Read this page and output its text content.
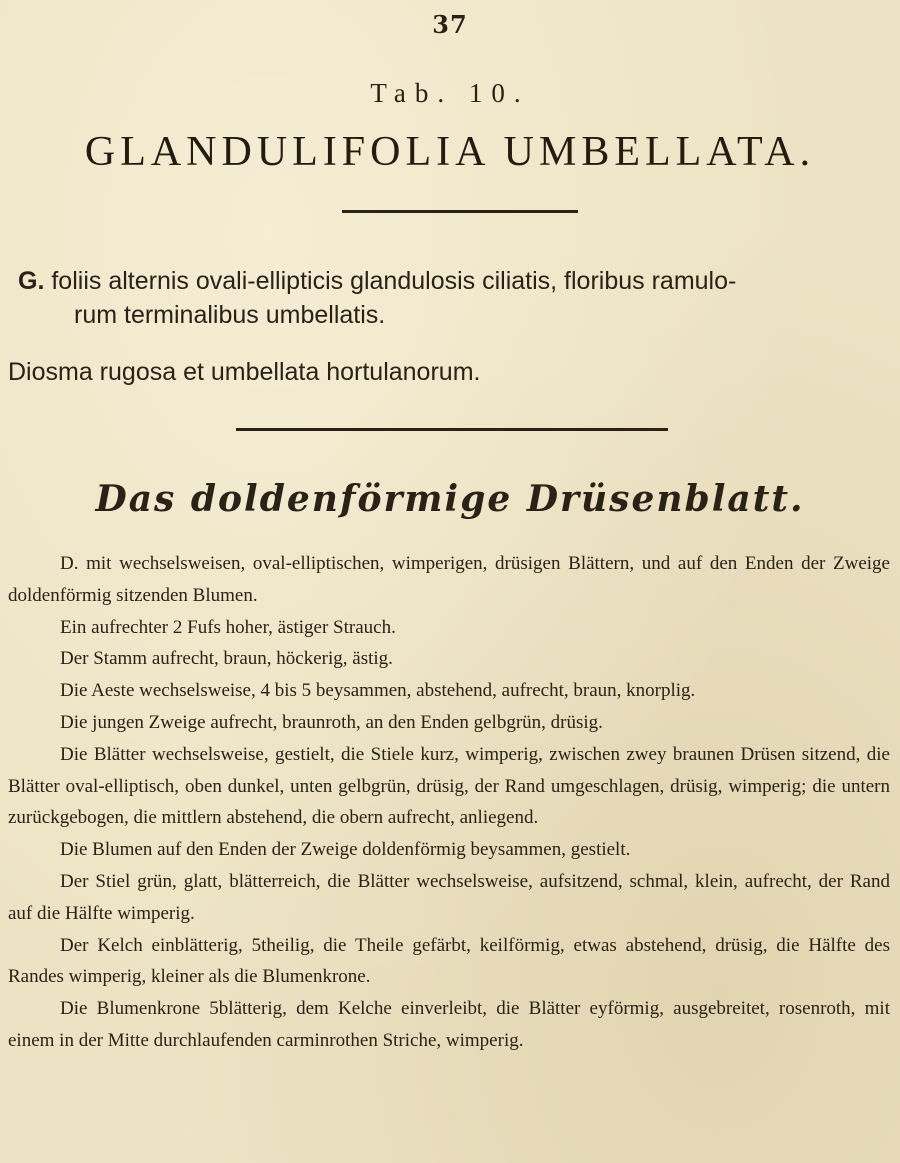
37
Tab. 10.
GLANDULIFOLIA UMBELLATA.
G. foliis alternis ovali-ellipticis glandulosis ciliatis, floribus ramulo-
rum terminalibus umbellatis.
Diosma rugosa et umbellata hortulanorum.
Das doldenförmige Drüsenblatt.

D. mit wechselsweisen, oval-elliptischen, wimperigen, drüsigen Blättern, und auf den Enden der Zweige doldenförmig sitzenden Blumen.

Ein aufrechter 2 Fufs hoher, ästiger Strauch.

Der Stamm aufrecht, braun, höckerig, ästig.

Die Aeste wechselsweise, 4 bis 5 beysammen, abstehend, aufrecht, braun, knorplig.

Die jungen Zweige aufrecht, braunroth, an den Enden gelbgrün, drüsig.

Die Blätter wechselsweise, gestielt, die Stiele kurz, wimperig, zwischen zwey braunen Drüsen sitzend, die Blätter oval-elliptisch, oben dunkel, unten gelbgrün, drüsig, der Rand umgeschlagen, drüsig, wimperig; die untern zurückgebogen, die mittlern abstehend, die obern aufrecht, anliegend.

Die Blumen auf den Enden der Zweige doldenförmig beysammen, gestielt.

Der Stiel grün, glatt, blätterreich, die Blätter wechselsweise, aufsitzend, schmal, klein, aufrecht, der Rand auf die Hälfte wimperig.

Der Kelch einblätterig, 5theilig, die Theile gefärbt, keilförmig, etwas abstehend, drüsig, die Hälfte des Randes wimperig, kleiner als die Blumenkrone.

Die Blumenkrone 5blätterig, dem Kelche einverleibt, die Blätter eyförmig, ausgebreitet, rosenroth, mit einem in der Mitte durchlaufenden carminrothen Striche, wimperig.
